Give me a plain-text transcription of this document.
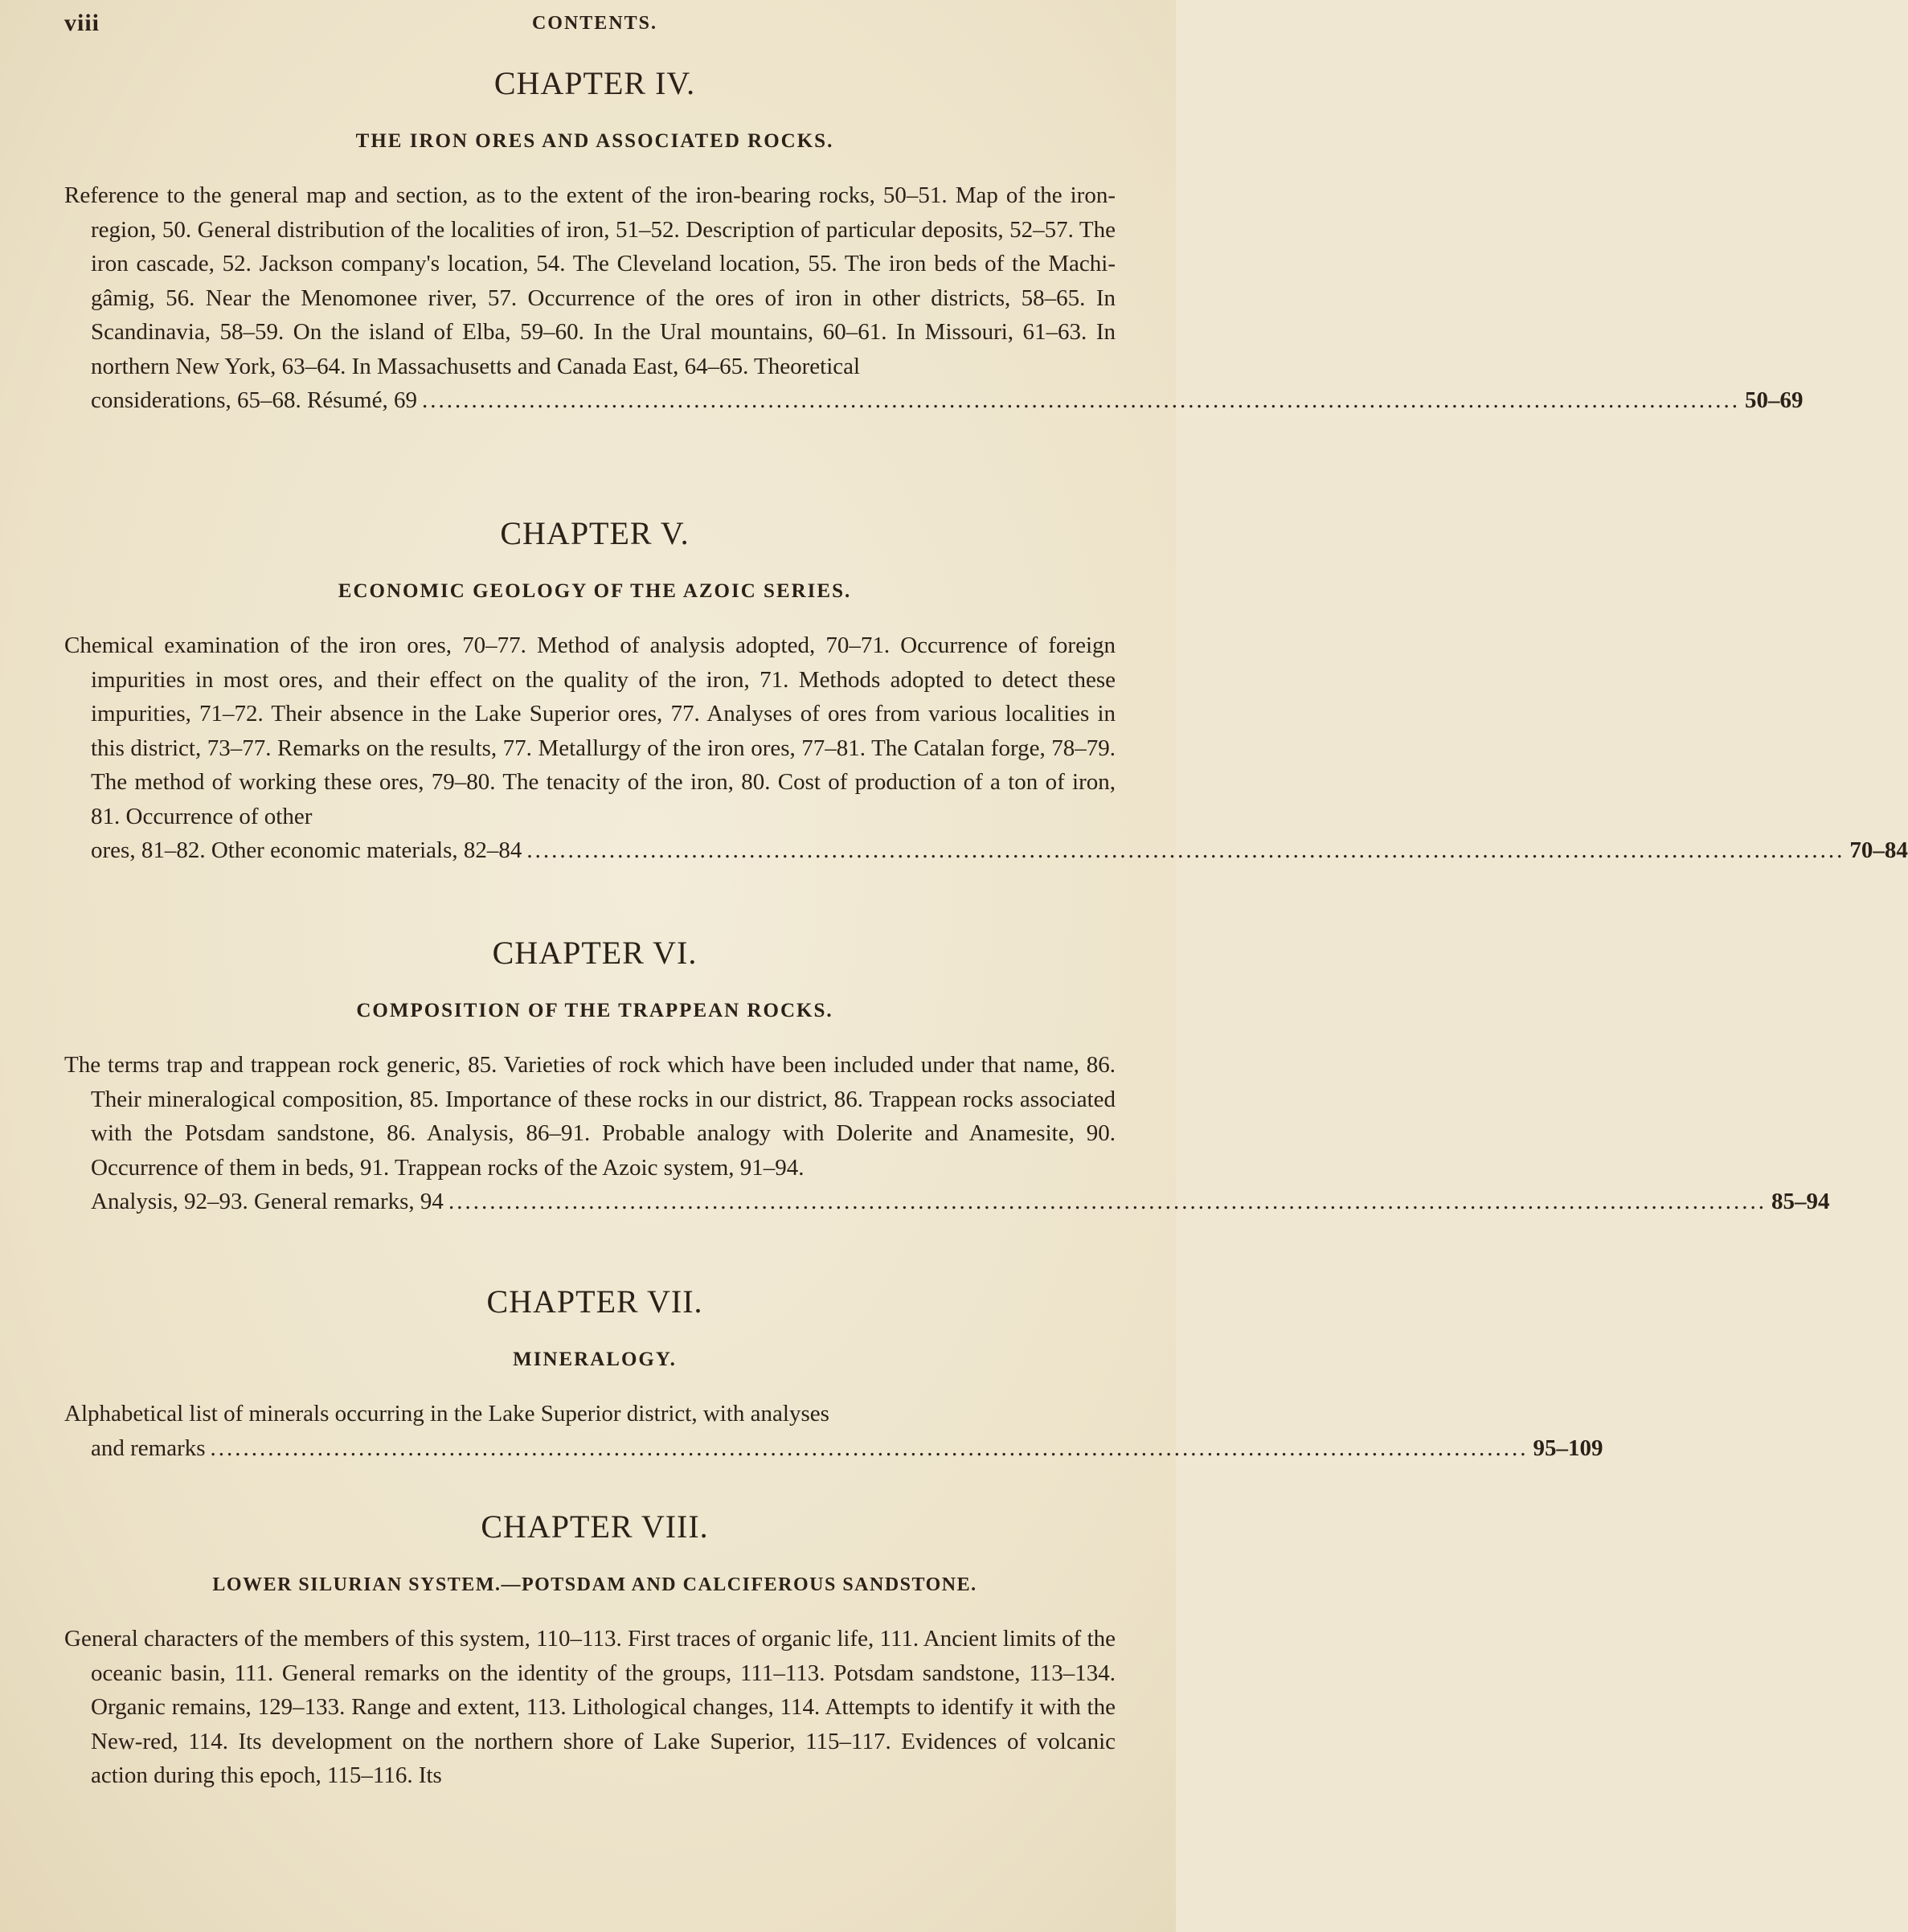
viii	CONTENTS.
CHAPTER IV.
THE IRON ORES AND ASSOCIATED ROCKS.
Reference to the general map and section, as to the extent of the iron-bearing rocks, 50–51. Map of the iron-region, 50. General distribution of the localities of iron, 51–52. Description of particular deposits, 52–57. The iron cascade, 52. Jackson company's location, 54. The Cleveland location, 55. The iron beds of the Machi-gâmig, 56. Near the Menomonee river, 57. Occurrence of the ores of iron in other districts, 58–65. In Scandinavia, 58–59. On the island of Elba, 59–60. In the Ural mountains, 60–61. In Missouri, 61–63. In northern New York, 63–64. In Massachusetts and Canada East, 64–65. Theoretical
considerations, 65–68. Résumé, 69 .....	50–69
CHAPTER V.
ECONOMIC GEOLOGY OF THE AZOIC SERIES.
Chemical examination of the iron ores, 70–77. Method of analysis adopted, 70–71. Occurrence of foreign impurities in most ores, and their effect on the quality of the iron, 71. Methods adopted to detect these impurities, 71–72. Their absence in the Lake Superior ores, 77. Analyses of ores from various localities in this district, 73–77. Remarks on the results, 77. Metallurgy of the iron ores, 77–81. The Catalan forge, 78–79. The method of working these ores, 79–80. The tenacity of the iron, 80. Cost of production of a ton of iron, 81. Occurrence of other
ores, 81–82. Other economic materials, 82–84 .....	70–84
CHAPTER VI.
COMPOSITION OF THE TRAPPEAN ROCKS.
The terms trap and trappean rock generic, 85. Varieties of rock which have been included under that name, 86. Their mineralogical composition, 85. Importance of these rocks in our district, 86. Trappean rocks associated with the Potsdam sandstone, 86. Analysis, 86–91. Probable analogy with Dolerite and Anamesite, 90. Occurrence of them in beds, 91. Trappean rocks of the Azoic system, 91–94.
Analysis, 92–93. General remarks, 94 .....	85–94
CHAPTER VII.
MINERALOGY.
Alphabetical list of minerals occurring in the Lake Superior district, with analyses
and remarks .....	95–109
CHAPTER VIII.
LOWER SILURIAN SYSTEM.—POTSDAM AND CALCIFEROUS SANDSTONE.
General characters of the members of this system, 110–113. First traces of organic life, 111. Ancient limits of the oceanic basin, 111. General remarks on the identity of the groups, 111–113. Potsdam sandstone, 113–134. Organic remains, 129–133. Range and extent, 113. Lithological changes, 114. Attempts to identify it with the New-red, 114. Its development on the northern shore of Lake Superior, 115–117. Evidences of volcanic action during this epoch, 115–116. Its
